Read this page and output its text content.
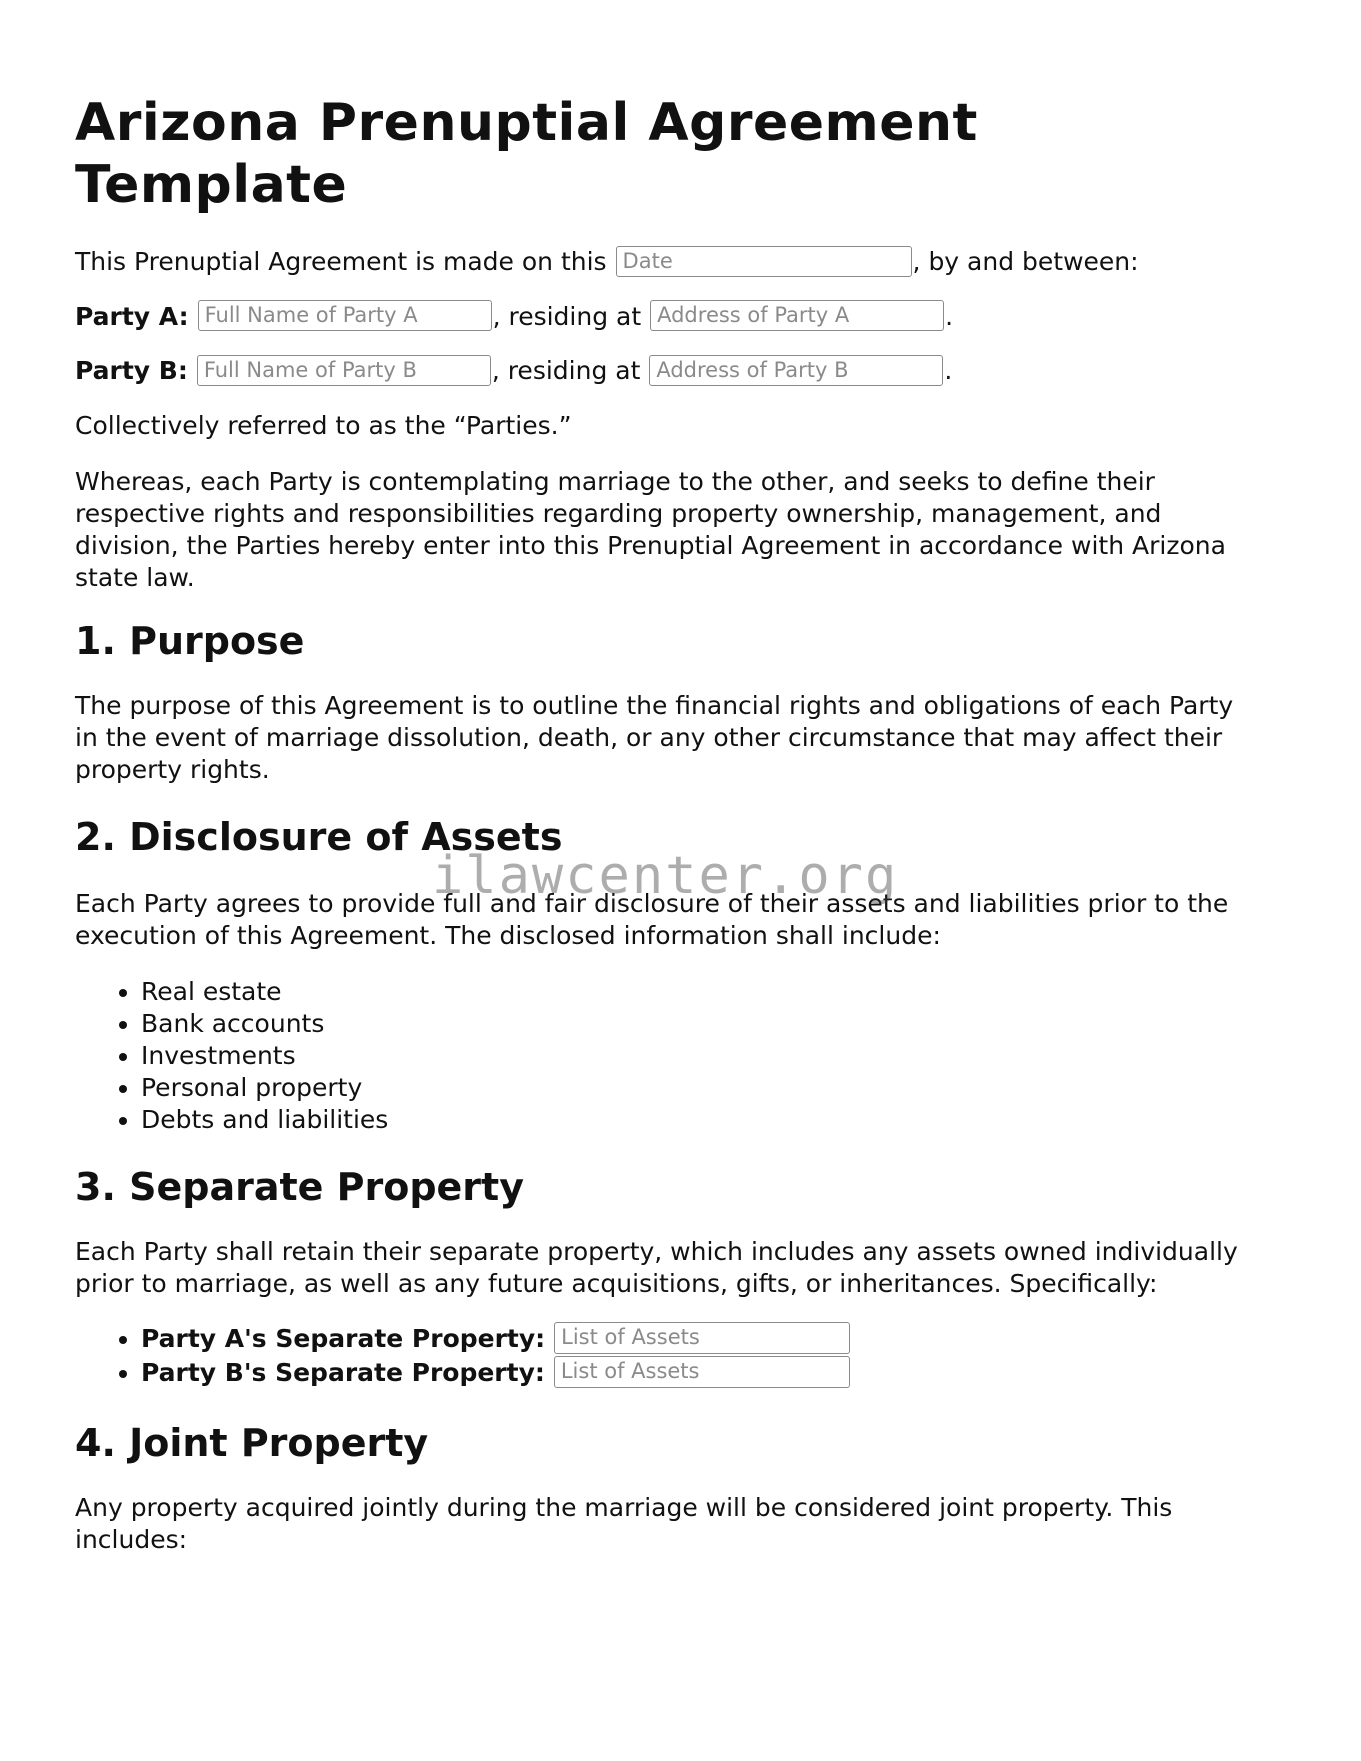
Arizona Prenuptial Agreement Template

This Prenuptial Agreement is made on this Date	, by and between:

Party A: Full Name of Party A	, residing at Address of Party A	.

Party B: Full Name of Party B	, residing at Address of Party B	.

Collectively referred to as the “Parties.”

Whereas, each Party is contemplating marriage to the other, and seeks to define their respective rights and responsibilities regarding property ownership, management, and division, the Parties hereby enter into this Prenuptial Agreement in accordance with Arizona state law.

1. Purpose

The purpose of this Agreement is to outline the financial rights and obligations of each Party in the event of marriage dissolution, death, or any other circumstance that may affect their property rights.

2. Disclosure of Assets

Each Party agrees to provide full and fair disclosure of their assets and liabilities prior to the execution of this Agreement. The disclosed information shall include:

• Real estate
• Bank accounts
• Investments
• Personal property
• Debts and liabilities
3. Separate Property

Each Party shall retain their separate property, which includes any assets owned individually prior to marriage, as well as any future acquisitions, gifts, or inheritances. Specifically:

• Party A's Separate Property: List of Assets
• Party B's Separate Property: List of Assets
4. Joint Property

Any property acquired jointly during the marriage will be considered joint property. This includes:

ilawcenter.org
